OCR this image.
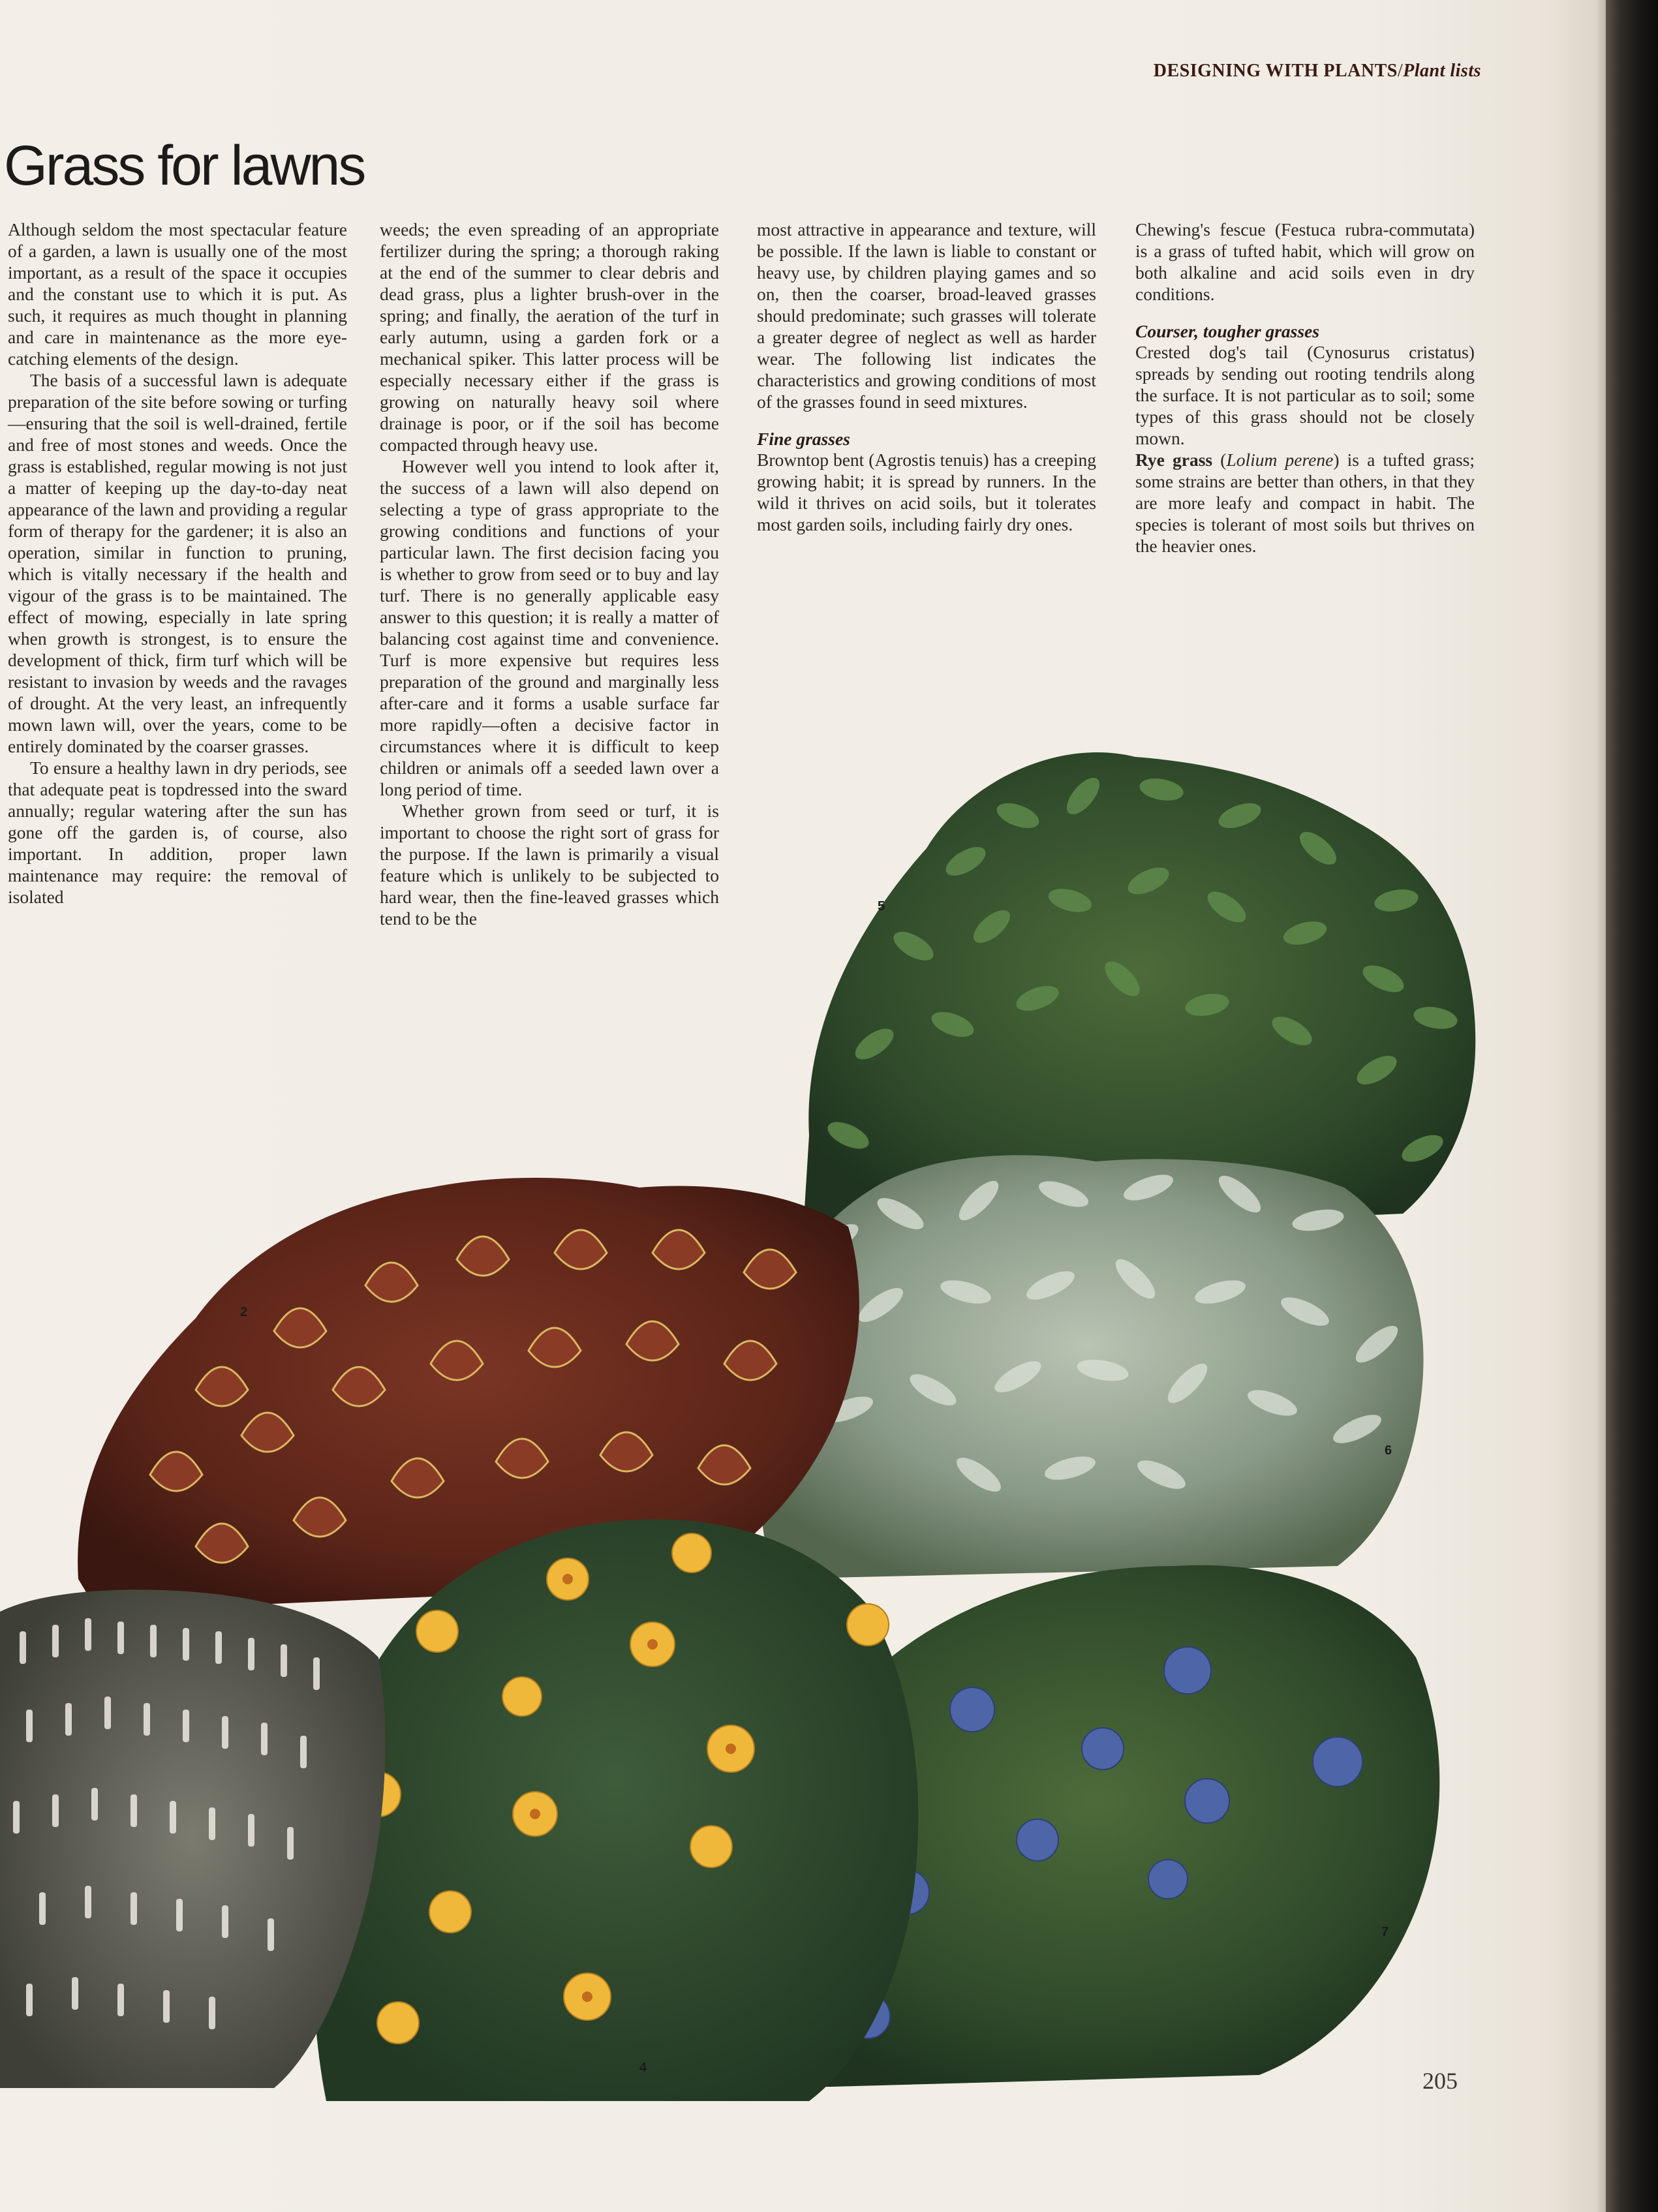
DESIGNING WITH PLANTS/Plant lists
Grass for lawns

Although seldom the most spectacular feature of a garden, a lawn is usually one of the most important, as a result of the space it occupies and the constant use to which it is put. As such, it requires as much thought in planning and care in maintenance as the more eye-catching elements of the design.

The basis of a successful lawn is adequate preparation of the site before sowing or turfing—ensuring that the soil is well-drained, fertile and free of most stones and weeds. Once the grass is established, regular mowing is not just a matter of keeping up the day-to-day neat appearance of the lawn and providing a regular form of therapy for the gardener; it is also an operation, similar in function to pruning, which is vitally necessary if the health and vigour of the grass is to be maintained. The effect of mowing, especially in late spring when growth is strongest, is to ensure the development of thick, firm turf which will be resistant to invasion by weeds and the ravages of drought. At the very least, an infrequently mown lawn will, over the years, come to be entirely dominated by the coarser grasses.

To ensure a healthy lawn in dry periods, see that adequate peat is topdressed into the sward annually; regular watering after the sun has gone off the garden is, of course, also important. In addition, proper lawn maintenance may require: the removal of isolated

weeds; the even spreading of an appropriate fertilizer during the spring; a thorough raking at the end of the summer to clear debris and dead grass, plus a lighter brush-over in the spring; and finally, the aeration of the turf in early autumn, using a garden fork or a mechanical spiker. This latter process will be especially necessary either if the grass is growing on naturally heavy soil where drainage is poor, or if the soil has become compacted through heavy use.

However well you intend to look after it, the success of a lawn will also depend on selecting a type of grass appropriate to the growing conditions and functions of your particular lawn. The first decision facing you is whether to grow from seed or to buy and lay turf. There is no generally applicable easy answer to this question; it is really a matter of balancing cost against time and convenience. Turf is more expensive but requires less preparation of the ground and marginally less after-care and it forms a usable surface far more rapidly—often a decisive factor in circumstances where it is difficult to keep children or animals off a seeded lawn over a long period of time.

Whether grown from seed or turf, it is important to choose the right sort of grass for the purpose. If the lawn is primarily a visual feature which is unlikely to be subjected to hard wear, then the fine-leaved grasses which tend to be the

most attractive in appearance and texture, will be possible. If the lawn is liable to constant or heavy use, by children playing games and so on, then the coarser, broad-leaved grasses should predominate; such grasses will tolerate a greater degree of neglect as well as harder wear. The following list indicates the characteristics and growing conditions of most of the grasses found in seed mixtures.

Fine grasses

Browntop bent (Agrostis tenuis) has a creeping growing habit; it is spread by runners. In the wild it thrives on acid soils, but it tolerates most garden soils, including fairly dry ones.

Chewing's fescue (Festuca rubra-commutata) is a grass of tufted habit, which will grow on both alkaline and acid soils even in dry conditions.

Courser, tougher grasses

Crested dog's tail (Cynosurus cristatus) spreads by sending out rooting tendrils along the surface. It is not particular as to soil; some types of this grass should not be closely mown.

Rye grass (Lolium perene) is a tufted grass; some strains are better than others, in that they are more leafy and compact in habit. The species is tolerant of most soils but thrives on the heavier ones.

5
2
6
7
4	205
